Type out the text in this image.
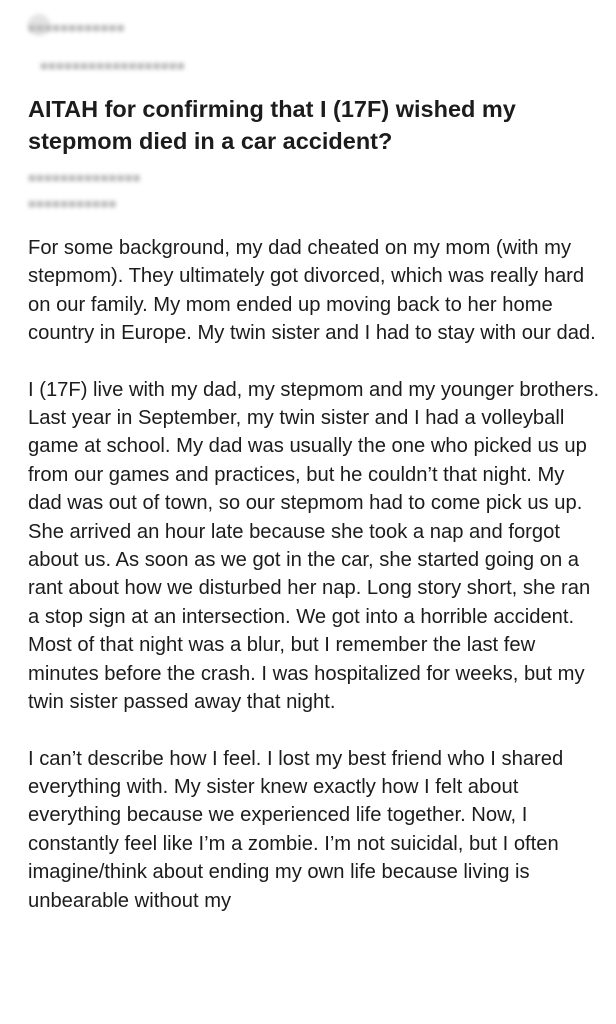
■■■■■■■■■■■■
■■■■■■■■■■■■■■■■■■
AITAH for confirming that I (17F) wished my stepmom died in a car accident?
■■■■■■■■■■■■■■
■■■■■■■■■■■

For some background, my dad cheated on my mom (with my stepmom). They ultimately got divorced, which was really hard on our family. My mom ended up moving back to her home country in Europe. My twin sister and I had to stay with our dad.

I (17F) live with my dad, my stepmom and my younger brothers. Last year in September, my twin sister and I had a volleyball game at school. My dad was usually the one who picked us up from our games and practices, but he couldn’t that night. My dad was out of town, so our stepmom had to come pick us up. She arrived an hour late because she took a nap and forgot about us. As soon as we got in the car, she started going on a rant about how we disturbed her nap. Long story short, she ran a stop sign at an intersection. We got into a horrible accident. Most of that night was a blur, but I remember the last few minutes before the crash. I was hospitalized for weeks, but my twin sister passed away that night.

I can’t describe how I feel. I lost my best friend who I shared everything with. My sister knew exactly how I felt about everything because we experienced life together. Now, I constantly feel like I’m a zombie. I’m not suicidal, but I often imagine/think about ending my own life because living is unbearable without my
